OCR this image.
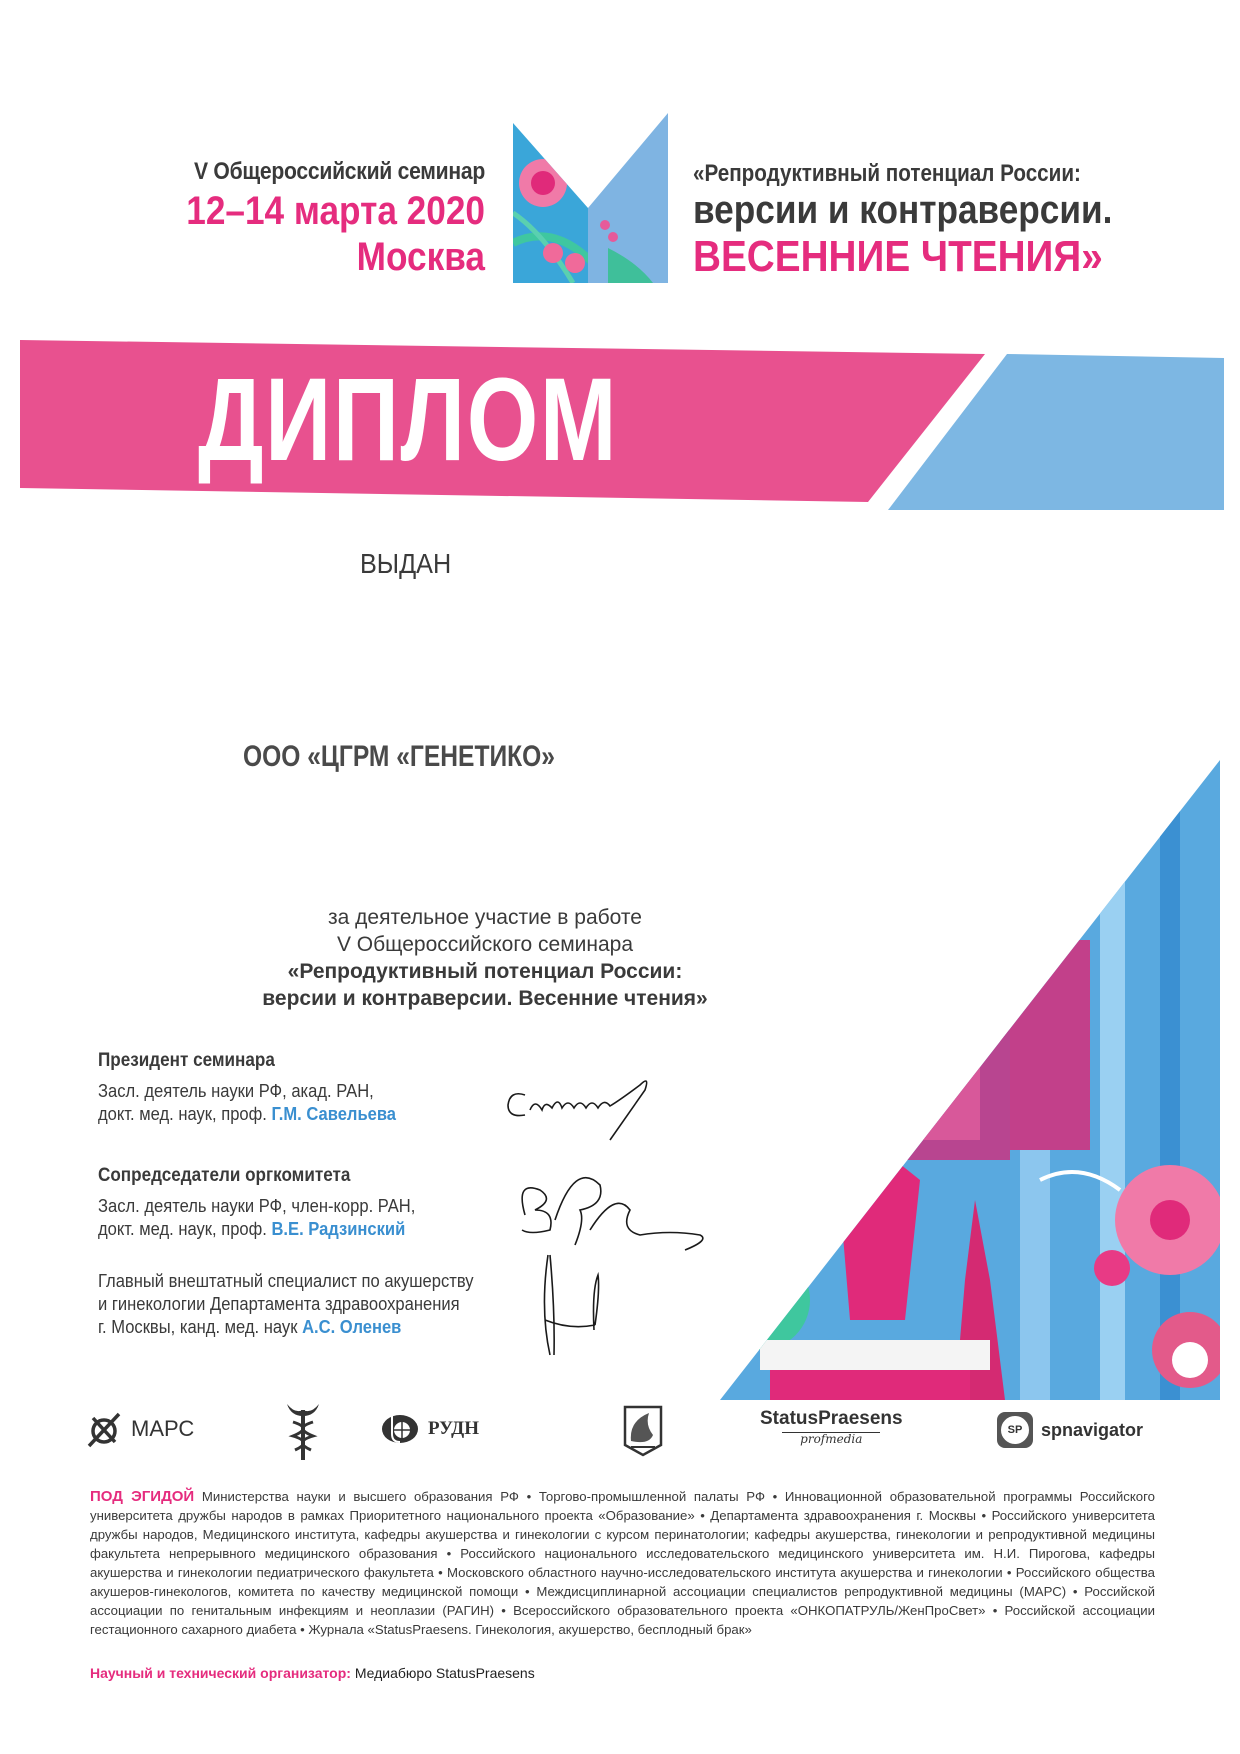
V Общероссийский семинар
12–14 марта 2020
Москва
«Репродуктивный потенциал России:
версии и контраверсии.
ВЕСЕННИЕ ЧТЕНИЯ»
ДИПЛОМ
ВЫДАН
ООО «ЦГРМ «ГЕНЕТИКО»
за деятельное участие в работе
V Общероссийского семинара
«Репродуктивный потенциал России:
версии и контраверсии. Весенние чтения»
Президент семинара
Засл. деятель науки РФ, акад. РАН,
докт. мед. наук, проф. Г.М. Савельева
Сопредседатели оргкомитета
Засл. деятель науки РФ, член-корр. РАН,
докт. мед. наук, проф. В.Е. Радзинский
Главный внештатный специалист по акушерству
и гинекологии Департамента здравоохранения
г. Москвы, канд. мед. наук А.С. Оленев
МАРС	РУДН	StatusPraesens
profmedia
SP	spnavigator
ПОД ЭГИДОЙ Министерства науки и высшего образования РФ • Торгово-промышленной палаты РФ • Инновационной образовательной программы Российского университета дружбы народов в рамках Приоритетного национального проекта «Образование» • Департамента здравоохранения г. Москвы • Российского университета дружбы народов, Медицинского института, кафедры акушерства и гинекологии с курсом перинатологии; кафедры акушерства, гинекологии и репродуктивной медицины факультета непрерывного медицинского образования • Российского национального исследовательского медицинского университета им. Н.И. Пирогова, кафедры акушерства и гинекологии педиатрического факультета • Московского областного научно-исследовательского института акушерства и гинекологии • Российского общества акушеров-гинекологов, комитета по качеству медицинской помощи • Междисциплинарной ассоциации специалистов репродуктивной медицины (МАРС) • Российской ассоциации по генитальным инфекциям и неоплазии (РАГИН) • Всероссийского образовательного проекта «ОНКОПАТРУЛЬ/ЖенПроСвет» • Российской ассоциации гестационного сахарного диабета • Журнала «StatusPraesens. Гинекология, акушерство, бесплодный брак»
Научный и технический организатор: Медиабюро StatusPraesens
